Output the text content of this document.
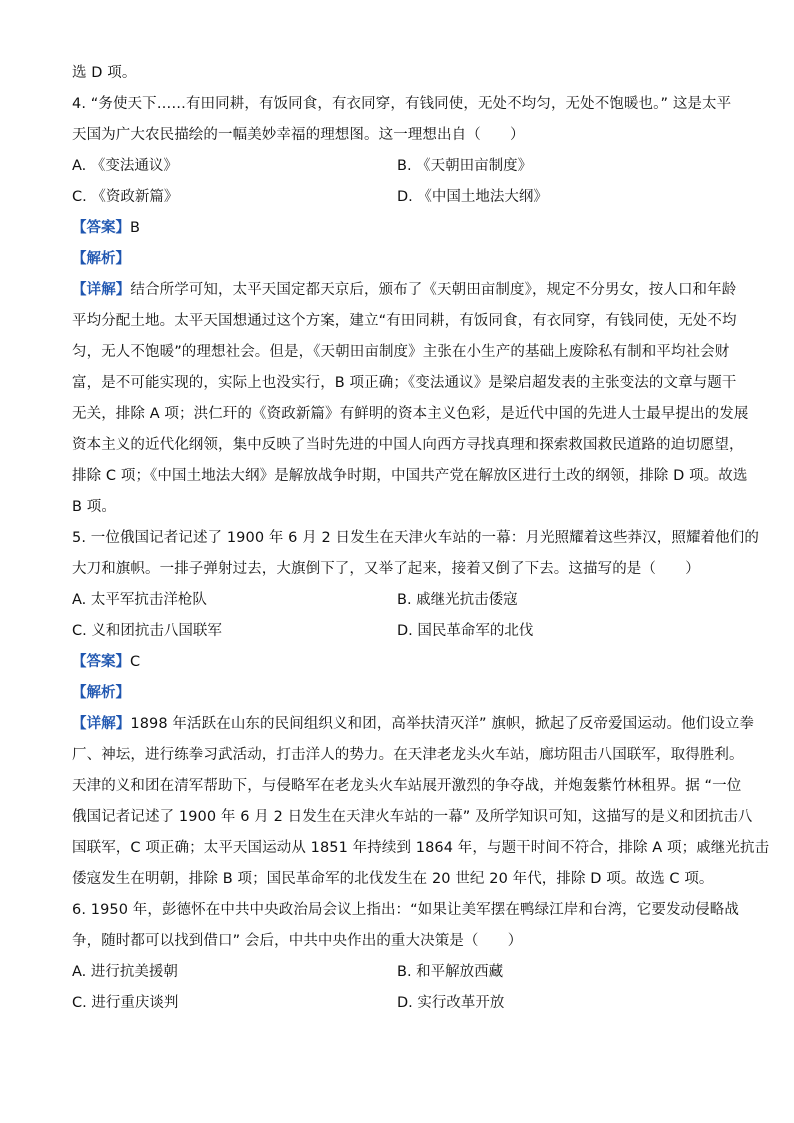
选 D 项。
4. “务使天下……有田同耕，有饭同食，有衣同穿，有钱同使，无处不均匀，无处不饱暖也。” 这是太平
天国为广大农民描绘的一幅美妙幸福的理想图。这一理想出自（　　）
A. 《变法通议》	B. 《天朝田亩制度》
C. 《资政新篇》	D. 《中国土地法大纲》
【答案】B
【解析】
【详解】结合所学可知，太平天国定都天京后，颁布了《天朝田亩制度》，规定不分男女，按人口和年龄
平均分配土地。太平天国想通过这个方案，建立“有田同耕，有饭同食，有衣同穿，有钱同使，无处不均
匀，无人不饱暖”的理想社会。但是，《天朝田亩制度》主张在小生产的基础上废除私有制和平均社会财
富，是不可能实现的，实际上也没实行，B 项正确；《变法通议》是梁启超发表的主张变法的文章与题干
无关，排除 A 项；洪仁玕的《资政新篇》有鲜明的资本主义色彩，是近代中国的先进人士最早提出的发展
资本主义的近代化纲领，集中反映了当时先进的中国人向西方寻找真理和探索救国救民道路的迫切愿望，
排除 C 项；《中国土地法大纲》是解放战争时期，中国共产党在解放区进行土改的纲领，排除 D 项。故选
B 项。
5. 一位俄国记者记述了 1900 年 6 月 2 日发生在天津火车站的一幕：月光照耀着这些莽汉，照耀着他们的
大刀和旗帜。一排子弹射过去，大旗倒下了，又举了起来，接着又倒了下去。这描写的是（　　）
A. 太平军抗击洋枪队	B. 戚继光抗击倭寇
C. 义和团抗击八国联军	D. 国民革命军的北伐
【答案】C
【解析】
【详解】1898 年活跃在山东的民间组织义和团，高举扶清灭洋” 旗帜，掀起了反帝爱国运动。他们设立拳
厂、神坛，进行练拳习武活动，打击洋人的势力。在天津老龙头火车站，廊坊阻击八国联军，取得胜利。
天津的义和团在清军帮助下，与侵略军在老龙头火车站展开激烈的争夺战，并炮轰紫竹林租界。据 “一位
俄国记者记述了 1900 年 6 月 2 日发生在天津火车站的一幕” 及所学知识可知，这描写的是义和团抗击八
国联军，C 项正确；太平天国运动从 1851 年持续到 1864 年，与题干时间不符合，排除 A 项；戚继光抗击
倭寇发生在明朝，排除 B 项；国民革命军的北伐发生在 20 世纪 20 年代，排除 D 项。故选 C 项。
6. 1950 年，彭德怀在中共中央政治局会议上指出：“如果让美军摆在鸭绿江岸和台湾，它要发动侵略战
争，随时都可以找到借口” 会后，中共中央作出的重大决策是（　　）
A. 进行抗美援朝	B. 和平解放西藏
C. 进行重庆谈判	D. 实行改革开放
